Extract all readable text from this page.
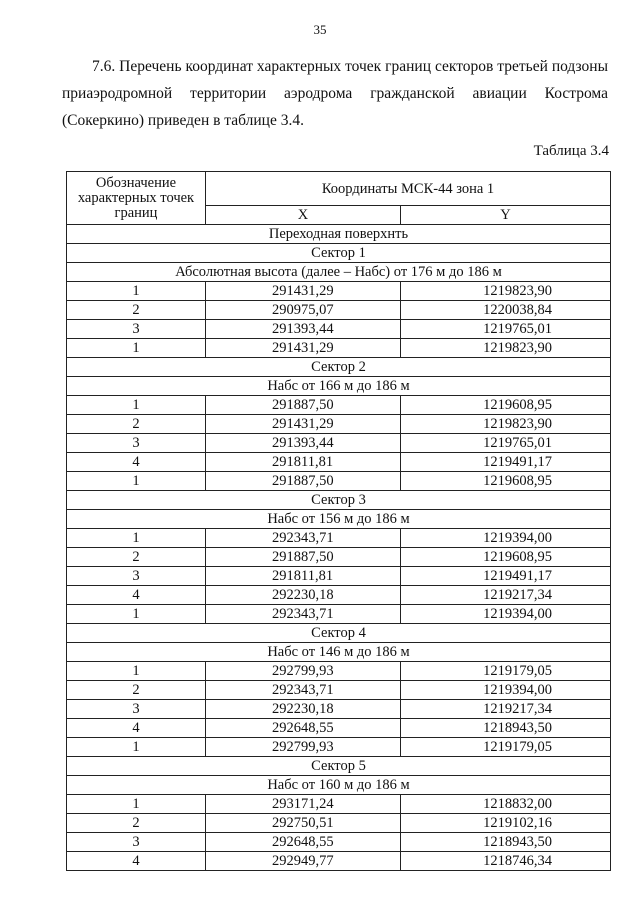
35

7.6. Перечень координат характерных точек границ секторов третьей подзоны приаэродромной территории аэродрома гражданской авиации Кострома (Сокеркино) приведен в таблице 3.4.

Таблица 3.4
Обозначение характерных точек границ	Координаты МСК-44 зона 1	
	X	Y
Переходная поверхнть		
Сектор 1		
Абсолютная высота (далее – Набс) от 176 м до 186 м		
1	291431,29	1219823,90
2	290975,07	1220038,84
3	291393,44	1219765,01
1	291431,29	1219823,90
Сектор 2		
Набс от 166 м до 186 м		
1	291887,50	1219608,95
2	291431,29	1219823,90
3	291393,44	1219765,01
4	291811,81	1219491,17
1	291887,50	1219608,95
Сектор 3		
Набс от 156 м до 186 м		
1	292343,71	1219394,00
2	291887,50	1219608,95
3	291811,81	1219491,17
4	292230,18	1219217,34
1	292343,71	1219394,00
Сектор 4		
Набс от 146 м до 186 м		
1	292799,93	1219179,05
2	292343,71	1219394,00
3	292230,18	1219217,34
4	292648,55	1218943,50
1	292799,93	1219179,05
Сектор 5		
Набс от 160 м до 186 м		
1	293171,24	1218832,00
2	292750,51	1219102,16
3	292648,55	1218943,50
4	292949,77	1218746,34
